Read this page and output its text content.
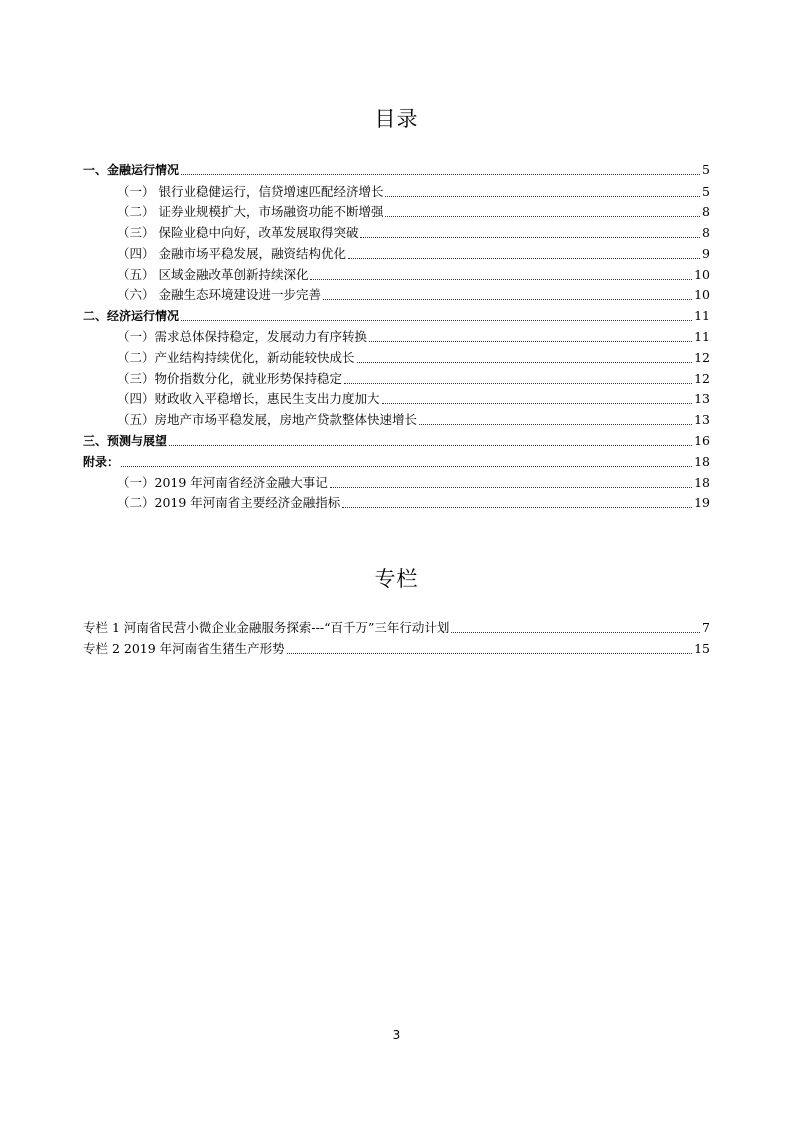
目录
一、金融运行情况	5
（一） 银行业稳健运行，信贷增速匹配经济增长	5
（二） 证券业规模扩大，市场融资功能不断增强	8
（三） 保险业稳中向好，改革发展取得突破	8
（四） 金融市场平稳发展，融资结构优化	9
（五） 区域金融改革创新持续深化	10
（六） 金融生态环境建设进一步完善	10
二、经济运行情况	11
（一）需求总体保持稳定，发展动力有序转换	11
（二）产业结构持续优化，新动能较快成长	12
（三）物价指数分化，就业形势保持稳定	12
（四）财政收入平稳增长，惠民生支出力度加大	13
（五）房地产市场平稳发展，房地产贷款整体快速增长	13
三、预测与展望	16
附录：	18
（一）2019 年河南省经济金融大事记	18
（二）2019 年河南省主要经济金融指标	19
专栏
专栏 1 河南省民营小微企业金融服务探索---“百千万”三年行动计划	7
专栏 2 2019 年河南省生猪生产形势	15
3
